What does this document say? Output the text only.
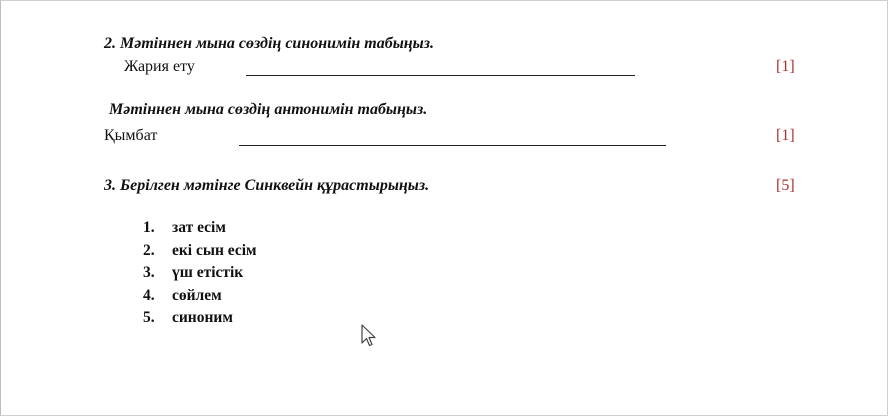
2. Мәтіннен мына сөздің синонимін табыңыз.
Жария ету	[1]
Мәтіннен мына сөздің антонимін табыңыз.
Қымбат	[1]
3. Берілген мәтінге Синквейн құрастырыңыз.	[5]
1. зат есім
2. екі сын есім
3. үш етістік
4. сөйлем
5. синоним
